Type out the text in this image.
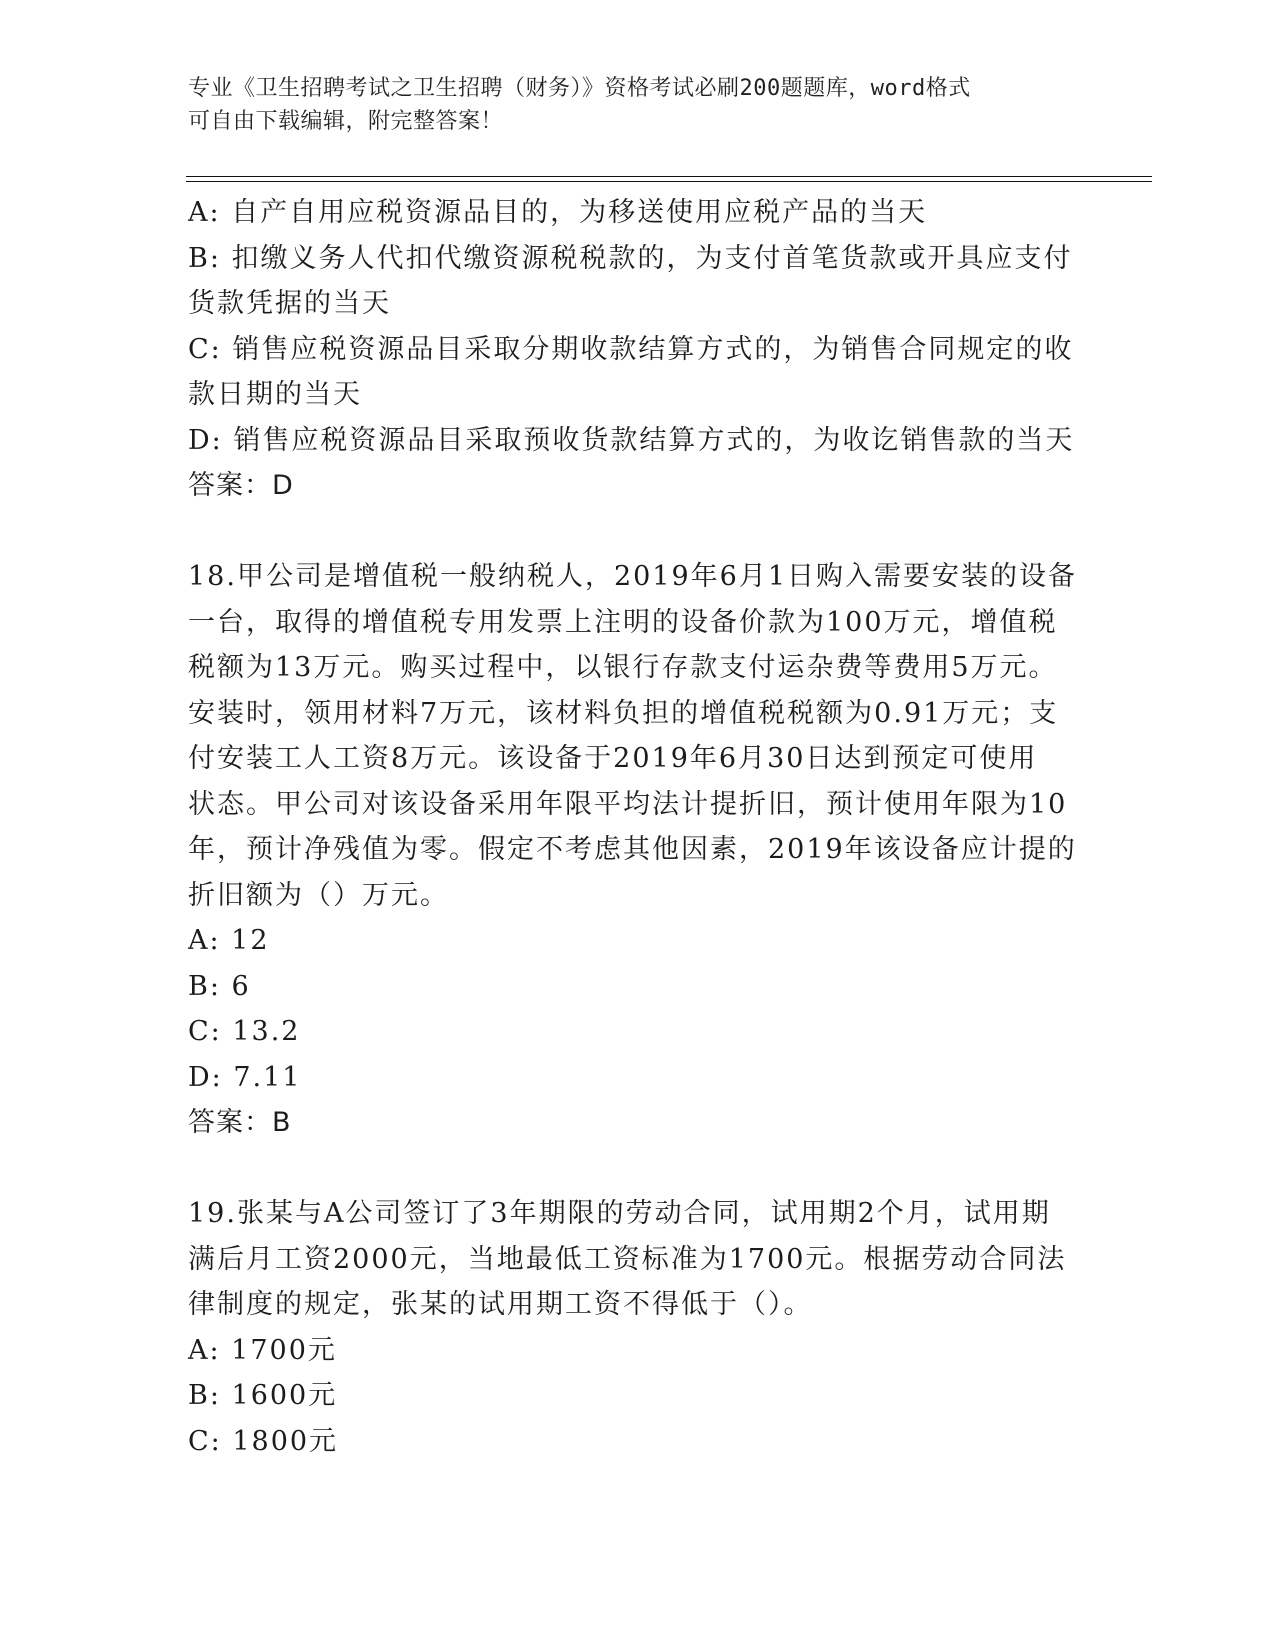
专业《卫生招聘考试之卫生招聘（财务）》资格考试必刷200题题库，word格式
可自由下载编辑，附完整答案！
A: 自产自用应税资源品目的，为移送使用应税产品的当天
B: 扣缴义务人代扣代缴资源税税款的，为支付首笔货款或开具应支付
货款凭据的当天
C: 销售应税资源品目采取分期收款结算方式的，为销售合同规定的收
款日期的当天
D: 销售应税资源品目采取预收货款结算方式的，为收讫销售款的当天
答案：D
18.甲公司是增值税一般纳税人，2019年6月1日购入需要安装的设备
一台，取得的增值税专用发票上注明的设备价款为100万元，增值税
税额为13万元。购买过程中，以银行存款支付运杂费等费用5万元。
安装时，领用材料7万元，该材料负担的增值税税额为0.91万元；支
付安装工人工资8万元。该设备于2019年6月30日达到预定可使用
状态。甲公司对该设备采用年限平均法计提折旧，预计使用年限为10
年，预计净残值为零。假定不考虑其他因素，2019年该设备应计提的
折旧额为（）万元。
A: 12
B: 6
C: 13.2
D: 7.11
答案：B
19.张某与A公司签订了3年期限的劳动合同，试用期2个月，试用期
满后月工资2000元，当地最低工资标准为1700元。根据劳动合同法
律制度的规定，张某的试用期工资不得低于（）。
A: 1700元
B: 1600元
C: 1800元
